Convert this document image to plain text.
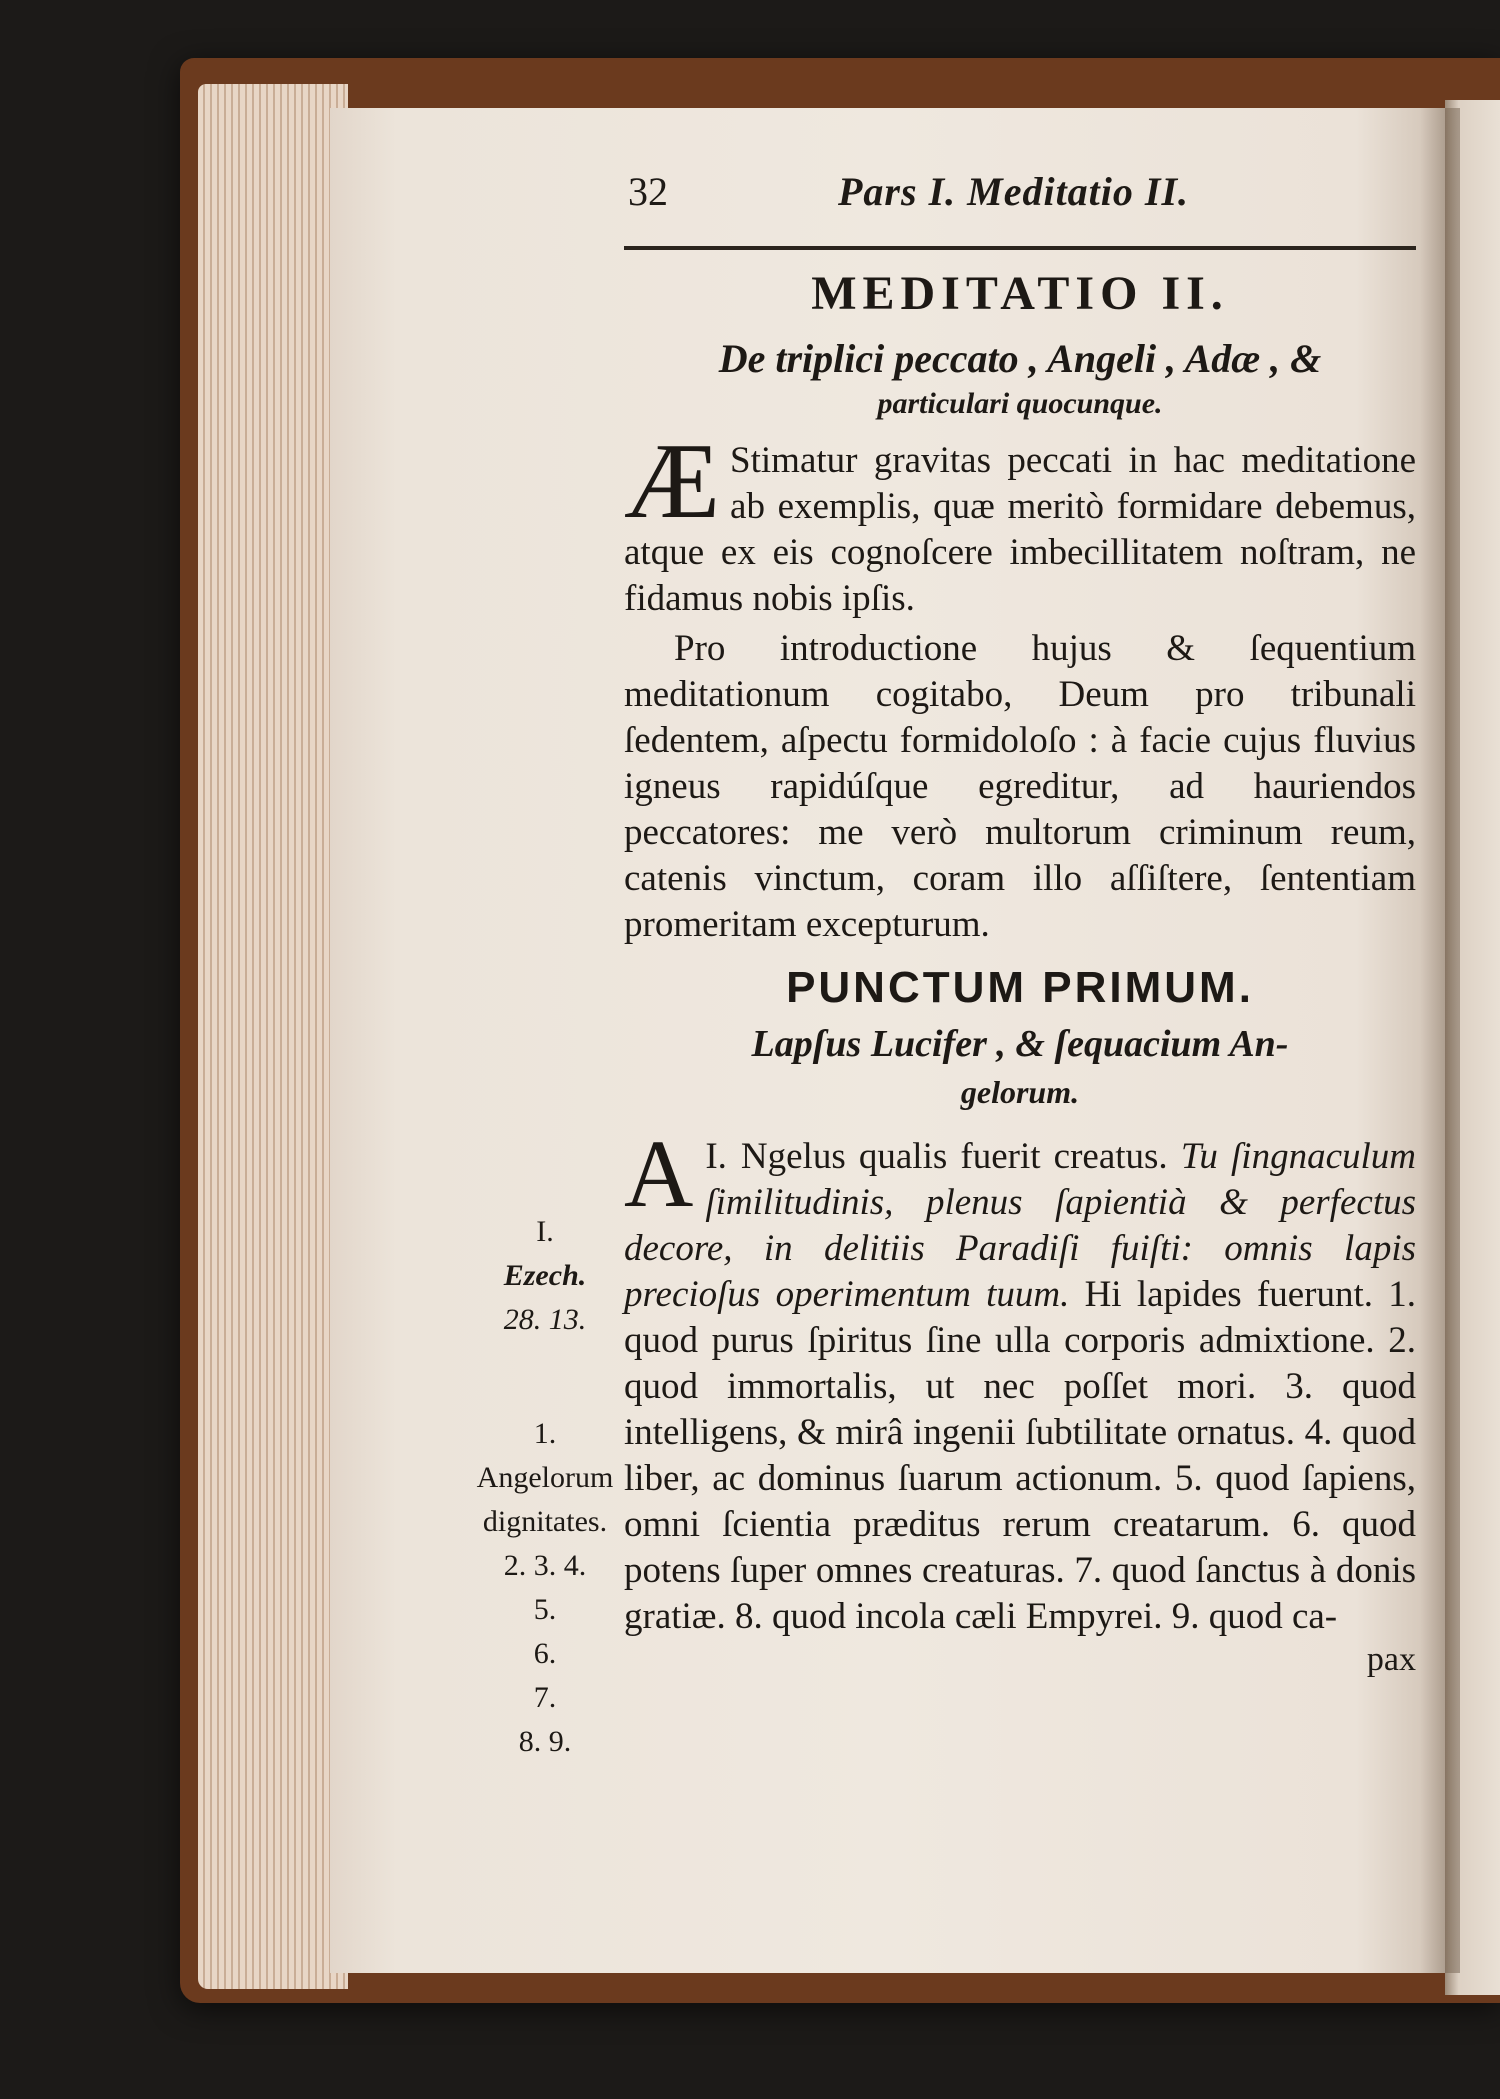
32	Pars I. Meditatio II.
MEDITATIO II.

De triplici peccato , Angeli , Adæ , &
particulari quocunque.

Æ Stimatur gravitas peccati in hac meditatione ab exemplis, quæ meritò formidare debemus, atque ex eis cognoſcere imbecillitatem noſtram, ne fidamus nobis ipſis.

Pro introductione hujus & ſequentium meditationum cogitabo, Deum pro tribunali ſedentem, aſpectu formidoloſo : à facie cujus fluvius igneus rapidúſque egreditur, ad hauriendos peccatores: me verò multorum criminum reum, catenis vinctum, coram illo aſſiſtere, ſententiam promeritam excepturum.

PUNCTUM PRIMUM.

Lapſus Lucifer , & ſequacium An-
gelorum.

I.
A Ngelus qualis fuerit creatus. Tu ſingnaculum ſimilitudinis, plenus ſapientià & perfectus decore, in delitiis Paradiſi fuiſti: omnis lapis precioſus operimentum tuum. Hi lapides fuerunt. 1. quod purus ſpiritus ſine ulla corporis admixtione. 2. quod immortalis, ut nec poſſet mori. 3. quod intelligens, & mirâ ingenii ſubtilitate ornatus. 4. quod liber, ac dominus ſuarum actionum. 5. quod ſapiens, omni ſcientia præditus rerum creatarum. 6. quod potens ſuper omnes creaturas. 7. quod ſanctus à donis gratiæ. 8. quod incola cæli Empyrei. 9. quod ca-

pax

I.
Ezech.
28. 13.
1.
Angelorum dignitates.
2. 3. 4.
5.
6.
7.
8. 9.
